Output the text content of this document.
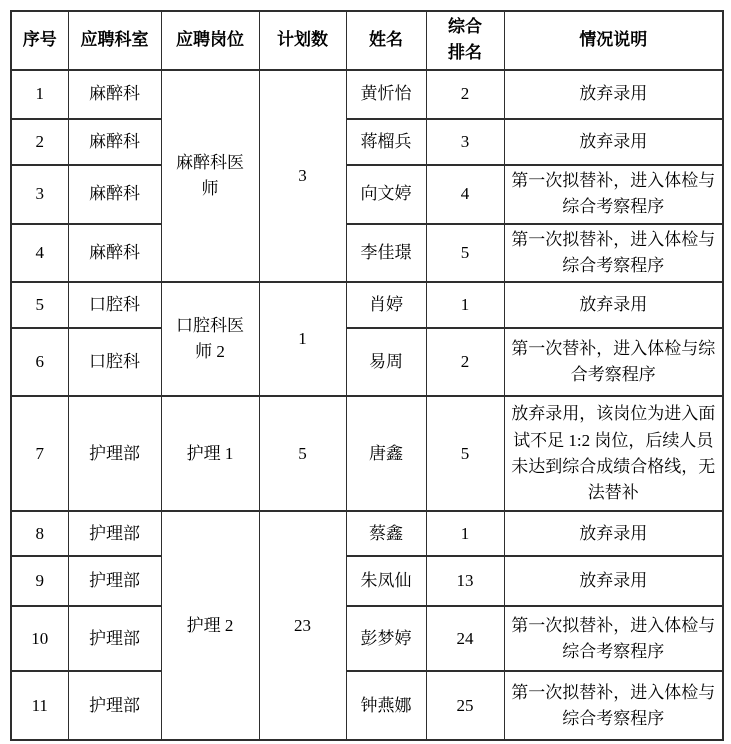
序号	应聘科室	应聘岗位	计划数	姓名	综合排名	情况说明
1	麻醉科	麻醉科医师	3	黄忻怡	2	放弃录用
2	麻醉科			蒋榴兵	3	放弃录用
3	麻醉科			向文婷	4	第一次拟替补，进入体检与综合考察程序
4	麻醉科			李佳璟	5	第一次拟替补，进入体检与综合考察程序
5	口腔科	口腔科医师 2	1	肖婷	1	放弃录用
6	口腔科			易周	2	第一次替补，进入体检与综合考察程序
7	护理部	护理 1	5	唐鑫	5	放弃录用，该岗位为进入面试不足 1:2 岗位，后续人员未达到综合成绩合格线，无法替补
8	护理部	护理 2	23	蔡鑫	1	放弃录用
9	护理部			朱凤仙	13	放弃录用
10	护理部			彭梦婷	24	第一次拟替补，进入体检与综合考察程序
11	护理部			钟燕娜	25	第一次拟替补，进入体检与综合考察程序
